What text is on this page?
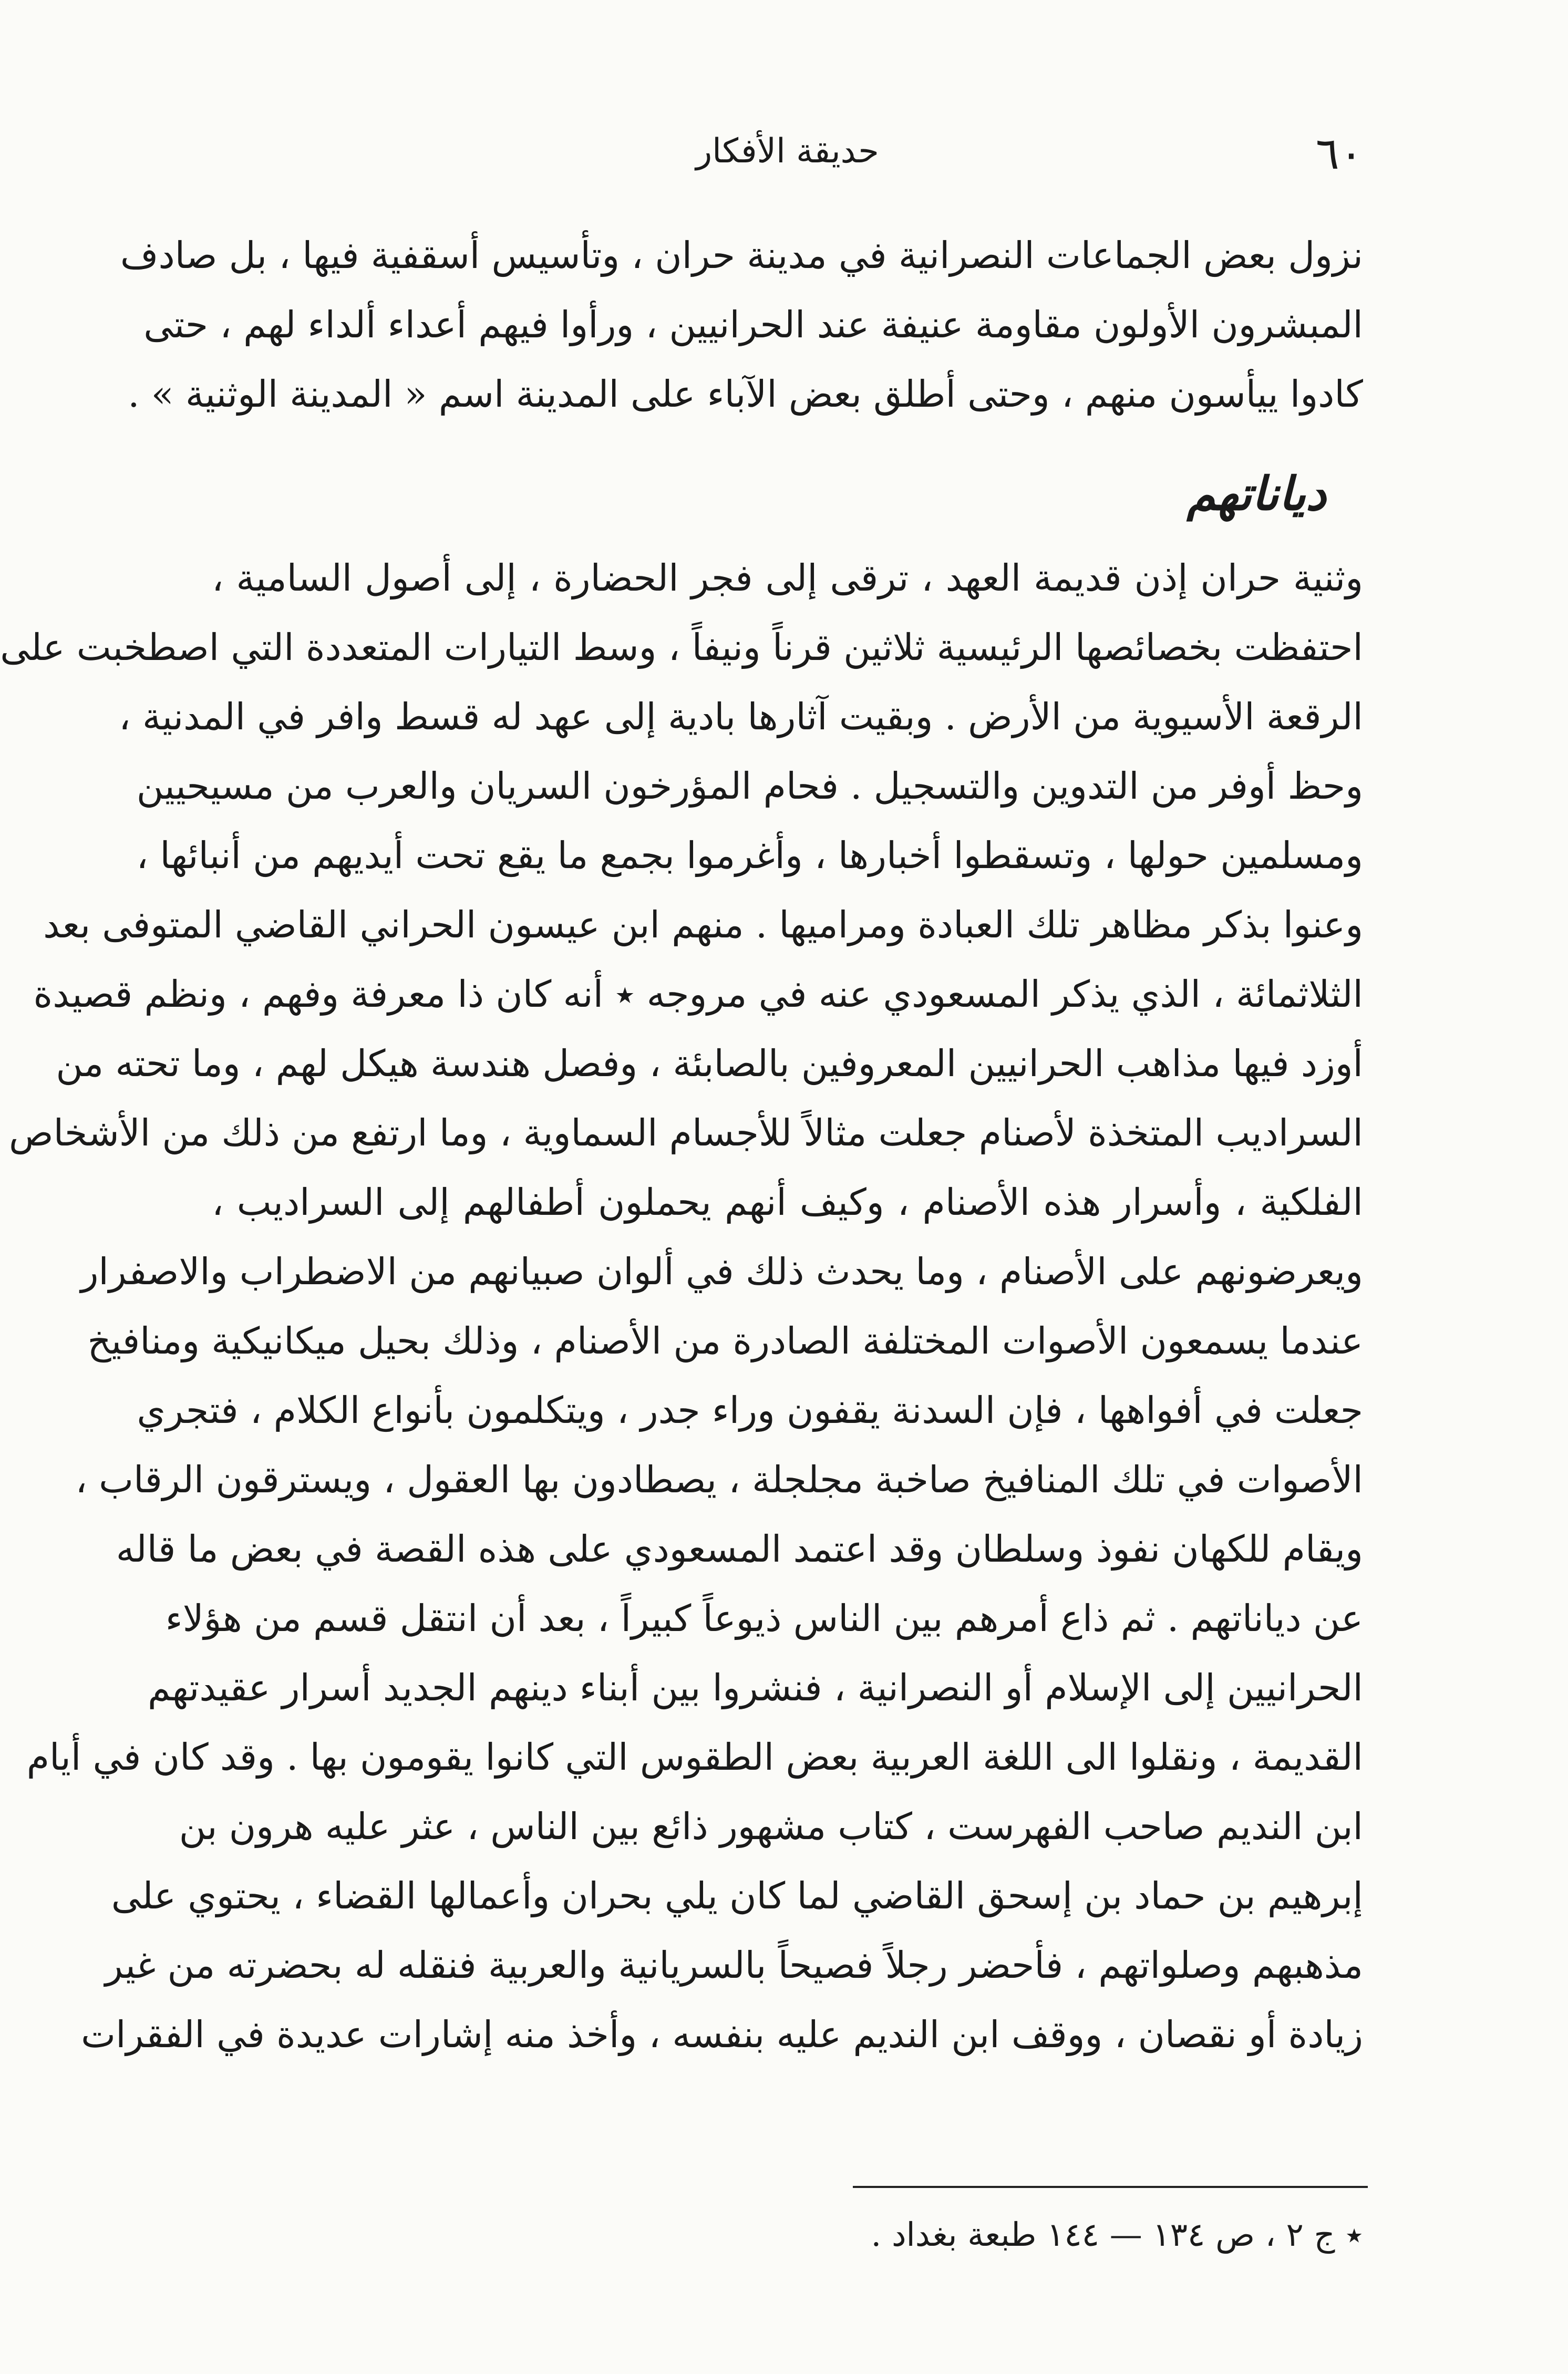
٦٠
حديقة الأفكار
نزول بعض الجماعات النصرانية في مدينة حران ، وتأسيس أسقفية فيها ، بل صادف
المبشرون الأولون مقاومة عنيفة عند الحرانيين ، ورأوا فيهم أعداء ألداء لهم ، حتى
كادوا ييأسون منهم ، وحتى أطلق بعض الآباء على المدينة اسم « المدينة الوثنية » .
دياناتهم
وثنية حران إذن قديمة العهد ، ترقى إلى فجر الحضارة ، إلى أصول السامية ،
احتفظت بخصائصها الرئيسية ثلاثين قرناً ونيفاً ، وسط التيارات المتعددة التي اصطخبت على
الرقعة الأسيوية من الأرض . وبقيت آثارها بادية إلى عهد له قسط وافر في المدنية ،
وحظ أوفر من التدوين والتسجيل . فحام المؤرخون السريان والعرب من مسيحيين
ومسلمين حولها ، وتسقطوا أخبارها ، وأغرموا بجمع ما يقع تحت أيديهم من أنبائها ،
وعنوا بذكر مظاهر تلك العبادة ومراميها . منهم ابن عيسون الحراني القاضي المتوفى بعد
الثلاثمائة ، الذي يذكر المسعودي عنه في مروجه ٭ أنه كان ذا معرفة وفهم ، ونظم قصيدة
أوزد فيها مذاهب الحرانيين المعروفين بالصابئة ، وفصل هندسة هيكل لهم ، وما تحته من
السراديب المتخذة لأصنام جعلت مثالاً للأجسام السماوية ، وما ارتفع من ذلك من الأشخاص
الفلكية ، وأسرار هذه الأصنام ، وكيف أنهم يحملون أطفالهم إلى السراديب ،
ويعرضونهم على الأصنام ، وما يحدث ذلك في ألوان صبيانهم من الاضطراب والاصفرار
عندما يسمعون الأصوات المختلفة الصادرة من الأصنام ، وذلك بحيل ميكانيكية ومنافيخ
جعلت في أفواهها ، فإن السدنة يقفون وراء جدر ، ويتكلمون بأنواع الكلام ، فتجري
الأصوات في تلك المنافيخ صاخبة مجلجلة ، يصطادون بها العقول ، ويسترقون الرقاب ،
ويقام للكهان نفوذ وسلطان وقد اعتمد المسعودي على هذه القصة في بعض ما قاله
عن دياناتهم . ثم ذاع أمرهم بين الناس ذيوعاً كبيراً ، بعد أن انتقل قسم من هؤلاء
الحرانيين إلى الإسلام أو النصرانية ، فنشروا بين أبناء دينهم الجديد أسرار عقيدتهم
القديمة ، ونقلوا الى اللغة العربية بعض الطقوس التي كانوا يقومون بها . وقد كان في أيام
ابن النديم صاحب الفهرست ، كتاب مشهور ذائع بين الناس ، عثر عليه هرون بن
إبرهيم بن حماد بن إسحق القاضي لما كان يلي بحران وأعمالها القضاء ، يحتوي على
مذهبهم وصلواتهم ، فأحضر رجلاً فصيحاً بالسريانية والعربية فنقله له بحضرته من غير
زيادة أو نقصان ، ووقف ابن النديم عليه بنفسه ، وأخذ منه إشارات عديدة في الفقرات
٭ ج ٢ ، ص ١٣٤ — ١٤٤ طبعة بغداد .
